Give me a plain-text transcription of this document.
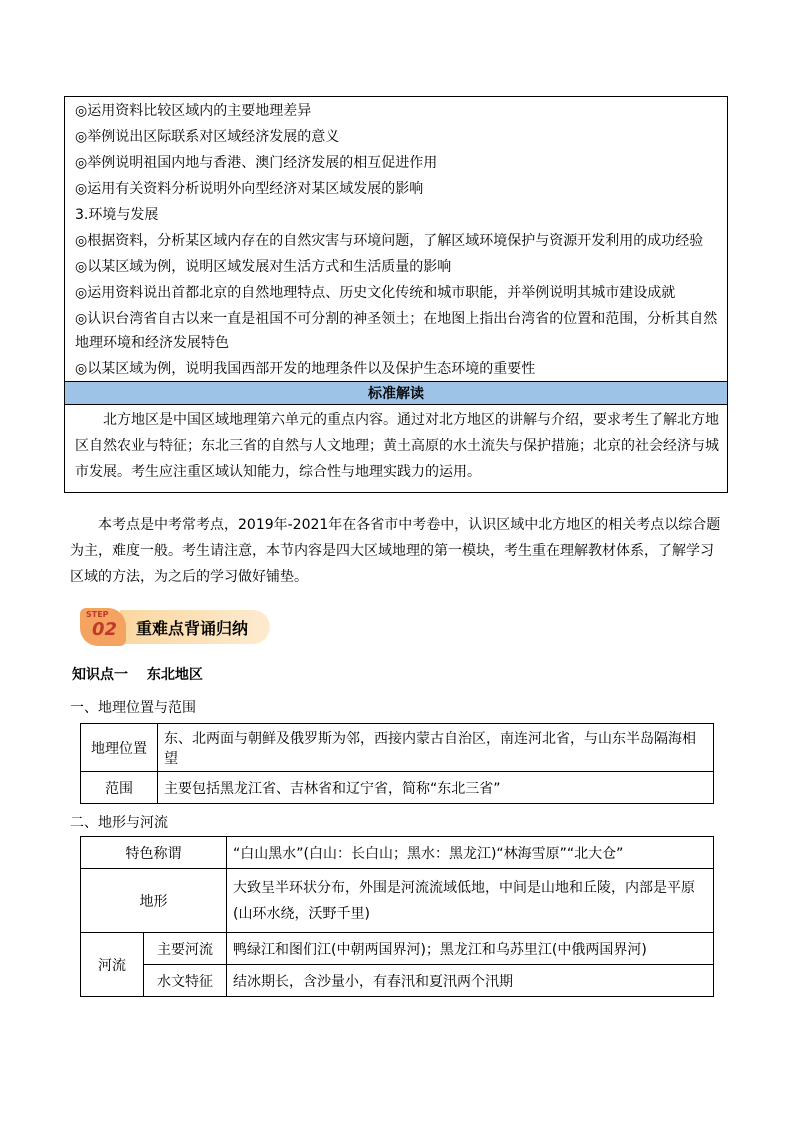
◎运用资料比较区域内的主要地理差异
◎举例说出区际联系对区域经济发展的意义
◎举例说明祖国内地与香港、澳门经济发展的相互促进作用
◎运用有关资料分析说明外向型经济对某区域发展的影响
3.环境与发展
◎根据资料，分析某区域内存在的自然灾害与环境问题，了解区域环境保护与资源开发利用的成功经验
◎以某区域为例，说明区域发展对生活方式和生活质量的影响
◎运用资料说出首都北京的自然地理特点、历史文化传统和城市职能，并举例说明其城市建设成就
◎认识台湾省自古以来一直是祖国不可分割的神圣领土；在地图上指出台湾省的位置和范围，分析其自然
地理环境和经济发展特色
◎以某区域为例，说明我国西部开发的地理条件以及保护生态环境的重要性
标准解读
北方地区是中国区域地理第六单元的重点内容。通过对北方地区的讲解与介绍，要求考生了解北方地区自然农业与特征；东北三省的自然与人文地理；黄土高原的水土流失与保护措施；北京的社会经济与城市发展。考生应注重区域认知能力，综合性与地理实践力的运用。
本考点是中考常考点，2019年-2021年在各省市中考卷中，认识区域中北方地区的相关考点以综合题为主，难度一般。考生请注意，本节内容是四大区域地理的第一模块，考生重在理解教材体系，了解学习区域的方法，为之后的学习做好铺垫。
STEP
02 重难点背诵归纳
知识点一 东北地区
一、地理位置与范围
地理位置	东、北两面与朝鲜及俄罗斯为邻，西接内蒙古自治区，南连河北省，与山东半岛隔海相望
范围	主要包括黑龙江省、吉林省和辽宁省，简称“东北三省”
二、地形与河流
特色称谓		“白山黑水”(白山：长白山；黑水：黑龙江)“林海雪原”“北大仓”
地形		大致呈半环状分布，外围是河流流域低地，中间是山地和丘陵，内部是平原(山环水绕，沃野千里)
河流	主要河流	鸭绿江和图们江(中朝两国界河)；黑龙江和乌苏里江(中俄两国界河)
	水文特征	结冰期长，含沙量小，有春汛和夏汛两个汛期
